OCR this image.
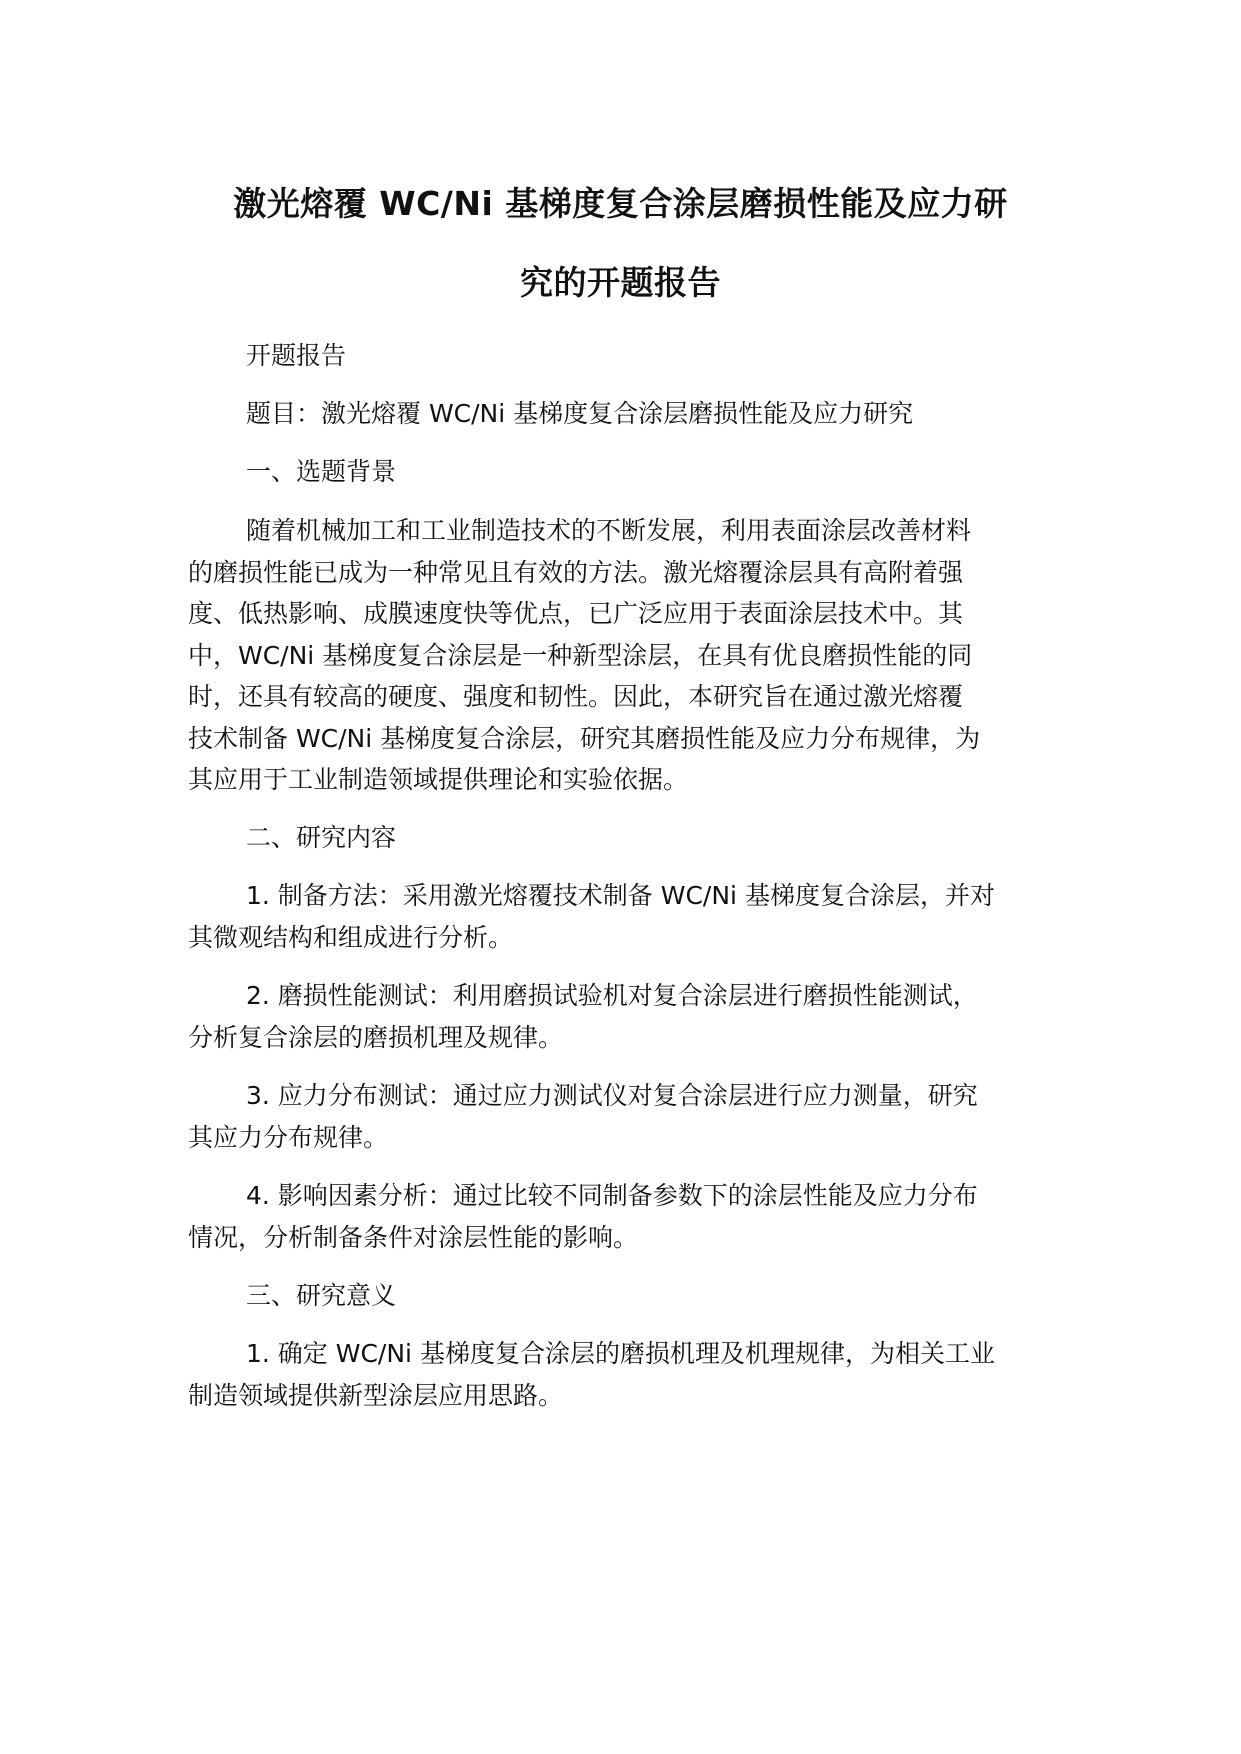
激光熔覆 WC/Ni 基梯度复合涂层磨损性能及应力研
究的开题报告
开题报告
题目：激光熔覆 WC/Ni 基梯度复合涂层磨损性能及应力研究
一、选题背景
随着机械加工和工业制造技术的不断发展，利用表面涂层改善材料
的磨损性能已成为一种常见且有效的方法。激光熔覆涂层具有高附着强
度、低热影响、成膜速度快等优点，已广泛应用于表面涂层技术中。其
中，WC/Ni 基梯度复合涂层是一种新型涂层，在具有优良磨损性能的同
时，还具有较高的硬度、强度和韧性。因此，本研究旨在通过激光熔覆
技术制备 WC/Ni 基梯度复合涂层，研究其磨损性能及应力分布规律，为
其应用于工业制造领域提供理论和实验依据。
二、研究内容
1. 制备方法：采用激光熔覆技术制备 WC/Ni 基梯度复合涂层，并对
其微观结构和组成进行分析。
2. 磨损性能测试：利用磨损试验机对复合涂层进行磨损性能测试，
分析复合涂层的磨损机理及规律。
3. 应力分布测试：通过应力测试仪对复合涂层进行应力测量，研究
其应力分布规律。
4. 影响因素分析：通过比较不同制备参数下的涂层性能及应力分布
情况，分析制备条件对涂层性能的影响。
三、研究意义
1. 确定 WC/Ni 基梯度复合涂层的磨损机理及机理规律，为相关工业
制造领域提供新型涂层应用思路。
